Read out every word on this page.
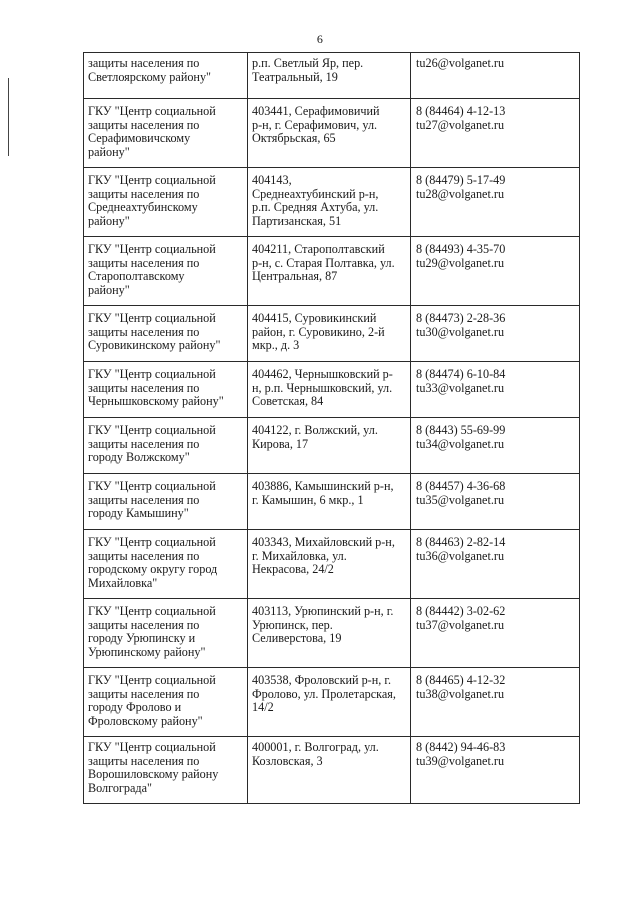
6
защиты населения по
Светлоярскому району"	р.п. Светлый Яр, пер.
Театральный, 19	tu26@volganet.ru

ГКУ "Центр социальной
защиты населения по
Серафимовичскому
району"	403441, Серафимовичий
р-н, г. Серафимович, ул.
Октябрьская, 65	8 (84464) 4-12-13
tu27@volganet.ru

ГКУ "Центр социальной
защиты населения по
Среднеахтубинскому
району"	404143,
Среднеахтубинский р-н,
р.п. Средняя Ахтуба, ул.
Партизанская, 51	8 (84479) 5-17-49
tu28@volganet.ru

ГКУ "Центр социальной
защиты населения по
Старополтавскому
району"	404211, Старополтавский
р-н, с. Старая Полтавка, ул.
Центральная, 87	8 (84493) 4-35-70
tu29@volganet.ru

ГКУ "Центр социальной
защиты населения по
Суровикинскому району"	404415, Суровикинский
район, г. Суровикино, 2-й
мкр., д. 3	8 (84473) 2-28-36
tu30@volganet.ru

ГКУ "Центр социальной
защиты населения по
Чернышковскому району"	404462, Чернышковский р-
н, р.п. Чернышковский, ул.
Советская, 84	8 (84474) 6-10-84
tu33@volganet.ru

ГКУ "Центр социальной
защиты населения по
городу Волжскому"	404122, г. Волжский, ул.
Кирова, 17	8 (8443) 55-69-99
tu34@volganet.ru

ГКУ "Центр социальной
защиты населения по
городу Камышину"	403886, Камышинский р-н,
г. Камышин, 6 мкр., 1	8 (84457) 4-36-68
tu35@volganet.ru

ГКУ "Центр социальной
защиты населения по
городскому округу город
Михайловка"	403343, Михайловский р-н,
г. Михайловка, ул.
Некрасова, 24/2	8 (84463) 2-82-14
tu36@volganet.ru

ГКУ "Центр социальной
защиты населения по
городу Урюпинску и
Урюпинскому району"	403113, Урюпинский р-н, г.
Урюпинск, пер.
Селиверстова, 19	8 (84442) 3-02-62
tu37@volganet.ru

ГКУ "Центр социальной
защиты населения по
городу Фролово и
Фроловскому району"	403538, Фроловский р-н, г.
Фролово, ул. Пролетарская,
14/2	8 (84465) 4-12-32
tu38@volganet.ru

ГКУ "Центр социальной
защиты населения по
Ворошиловскому району
Волгограда"	400001, г. Волгоград, ул.
Козловская, 3	8 (8442) 94-46-83
tu39@volganet.ru
